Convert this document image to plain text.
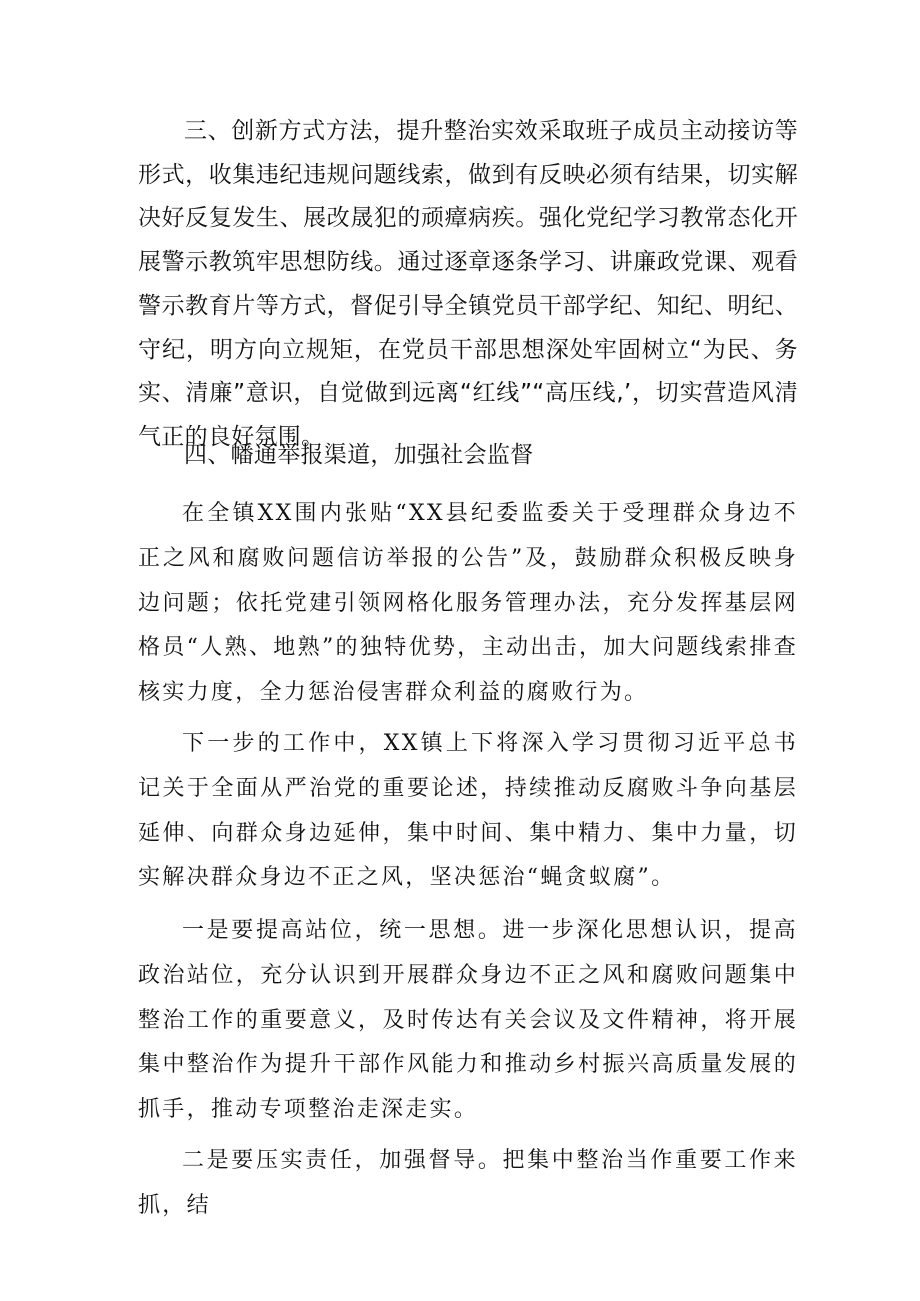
三、创新方式方法，提升整治实效采取班子成员主动接访等形式，收集违纪违规问题线索，做到有反映必须有结果，切实解决好反复发生、展改晟犯的顽瘴病疾。强化党纪学习教常态化开展警示教筑牢思想防线。通过逐章逐条学习、讲廉政党课、观看警示教育片等方式，督促引导全镇党员干部学纪、知纪、明纪、守纪，明方向立规矩，在党员干部思想深处牢固树立“为民、务实、清廉”意识，自觉做到远离“红线”“高压线,’，切实营造风清气正的良好氛围。

四、幡通举报渠道，加强社会监督

在全镇XX围内张贴“XX县纪委监委关于受理群众身边不正之风和腐败问题信访举报的公告”及，鼓励群众积极反映身边问题；依托党建引领网格化服务管理办法，充分发挥基层网格员“人熟、地熟”的独特优势，主动出击，加大问题线索排查核实力度，全力惩治侵害群众利益的腐败行为。

下一步的工作中，XX镇上下将深入学习贯彻习近平总书记关于全面从严治党的重要论述，持续推动反腐败斗争向基层延伸、向群众身边延伸，集中时间、集中精力、集中力量，切实解决群众身边不正之风，坚决惩治“蝇贪蚁腐”。

一是要提高站位，统一思想。进一步深化思想认识，提高政治站位，充分认识到开展群众身边不正之风和腐败问题集中整治工作的重要意义，及时传达有关会议及文件精神，将开展集中整治作为提升干部作风能力和推动乡村振兴高质量发展的抓手，推动专项整治走深走实。

二是要压实责任，加强督导。把集中整治当作重要工作来抓，结
